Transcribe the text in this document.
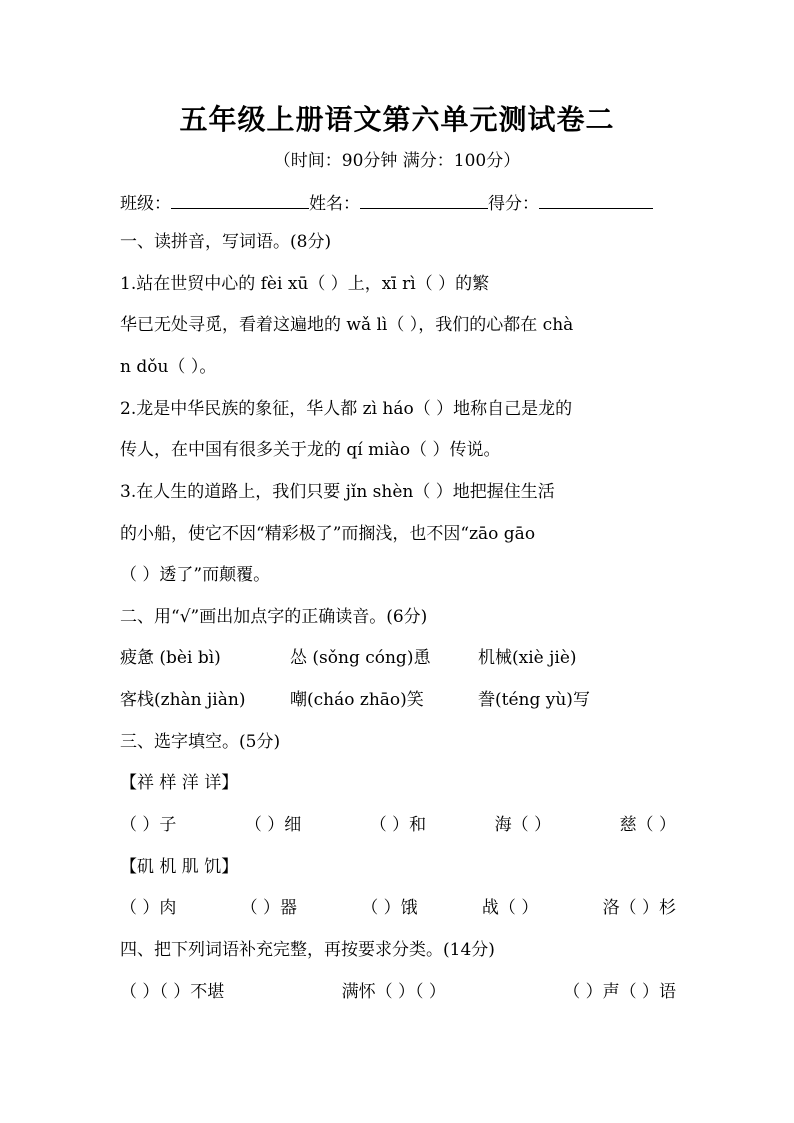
五年级上册语文第六单元测试卷二
（时间：90分钟 满分：100分）
班级：	姓名：	得分：
一、读拼音，写词语。(8分)
1.站在世贸中心的 fèi xū（ ）上，xī rì（ ）的繁
华已无处寻觅，看着这遍地的 wǎ lì（ ），我们的心都在 chà
n dǒu（ ）。
2.龙是中华民族的象征，华人都 zì háo（ ）地称自己是龙的
传人，在中国有很多关于龙的 qí miào（ ）传说。
3.在人生的道路上，我们只要 jǐn shèn（ ）地把握住生活
的小船，使它不因“精彩极了”而搁浅，也不因“zāo gāo
（ ）透了”而颠覆。
二、用“√”画出加点字的正确读音。(6分)
疲惫 (bèi bì)	怂 (sǒng cóng)恿	机械(xiè jiè)
客栈(zhàn jiàn)	嘲(cháo zhāo)笑	誊(téng yù)写
三、选字填空。(5分)
【祥 样 洋 详】
（ ）子	（ ）细	（ ）和	海（ ）	慈（ ）
【矶 机 肌 饥】
（ ）肉	（ ）器	（ ）饿	战（ ）	洛（ ）杉
四、把下列词语补充完整，再按要求分类。(14分)
（ ）（ ）不堪	满怀（ ）（ ）	（ ）声（ ）语
